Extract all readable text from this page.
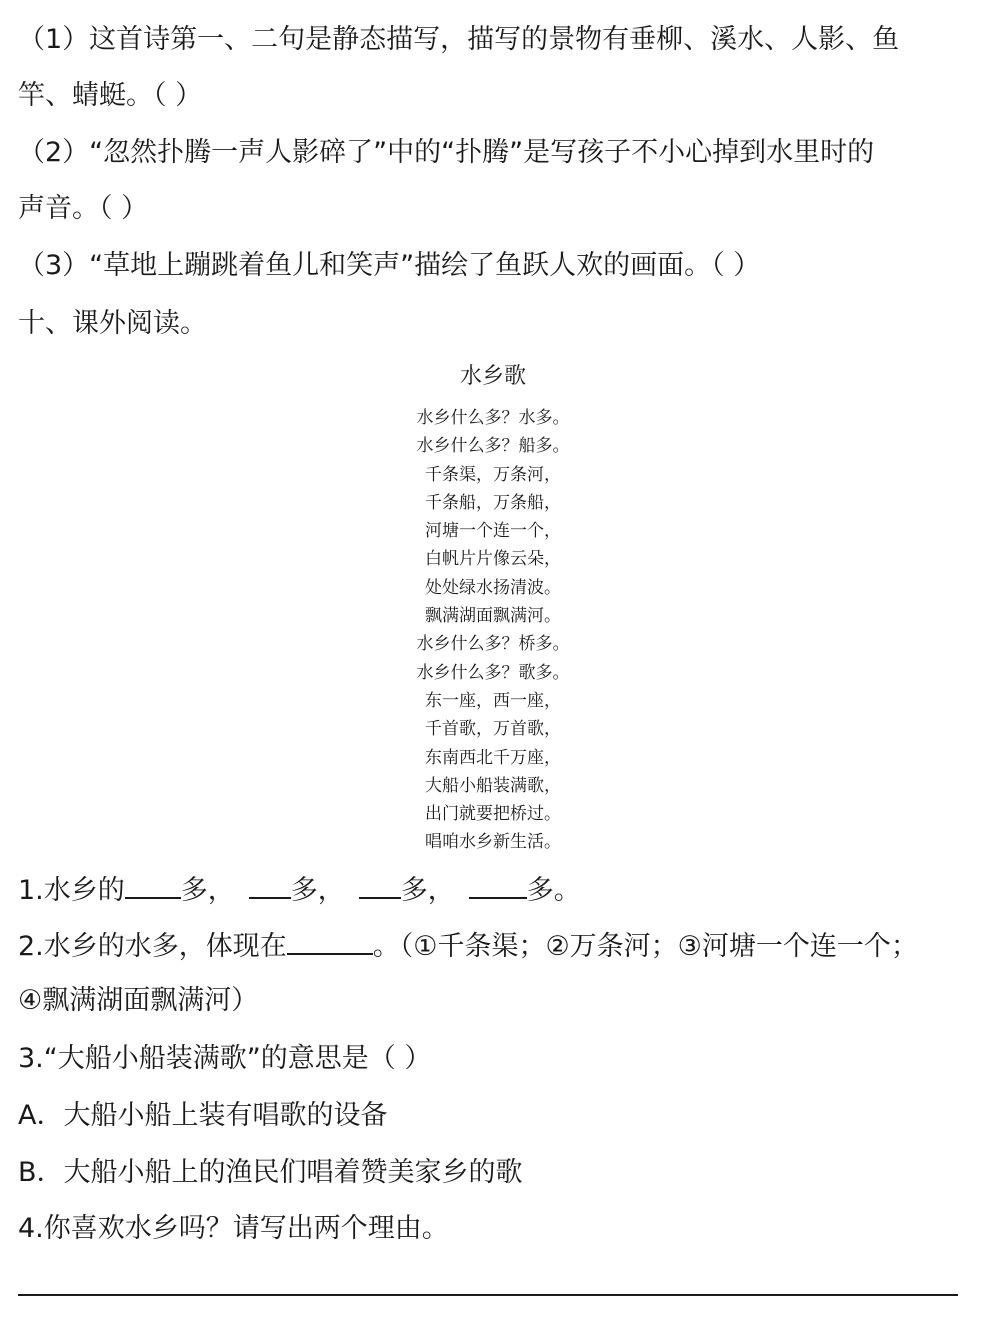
（1）这首诗第一、二句是静态描写，描写的景物有垂柳、溪水、人影、鱼
竿、蜻蜓。（ ）
（2）“忽然扑腾一声人影碎了”中的“扑腾”是写孩子不小心掉到水里时的
声音。（ ）
（3）“草地上蹦跳着鱼儿和笑声”描绘了鱼跃人欢的画面。（ ）
十、课外阅读。
水乡歌
水乡什么多？水多。
水乡什么多？船多。
千条渠，万条河，
千条船，万条船，
河塘一个连一个，
白帆片片像云朵，
处处绿水扬清波。
飘满湖面飘满河。
水乡什么多？桥多。
水乡什么多？歌多。
东一座，西一座，
千首歌，万首歌，
东南西北千万座，
大船小船装满歌，
出门就要把桥过。
唱咱水乡新生活。
1.水乡的 多， 多， 多，	多。
2.水乡的水多，体现在	。（①千条渠；②万条河；③河塘一个连一个；
④飘满湖面飘满河）
3.“大船小船装满歌”的意思是（ ）
A．大船小船上装有唱歌的设备
B．大船小船上的渔民们唱着赞美家乡的歌
4.你喜欢水乡吗？请写出两个理由。
